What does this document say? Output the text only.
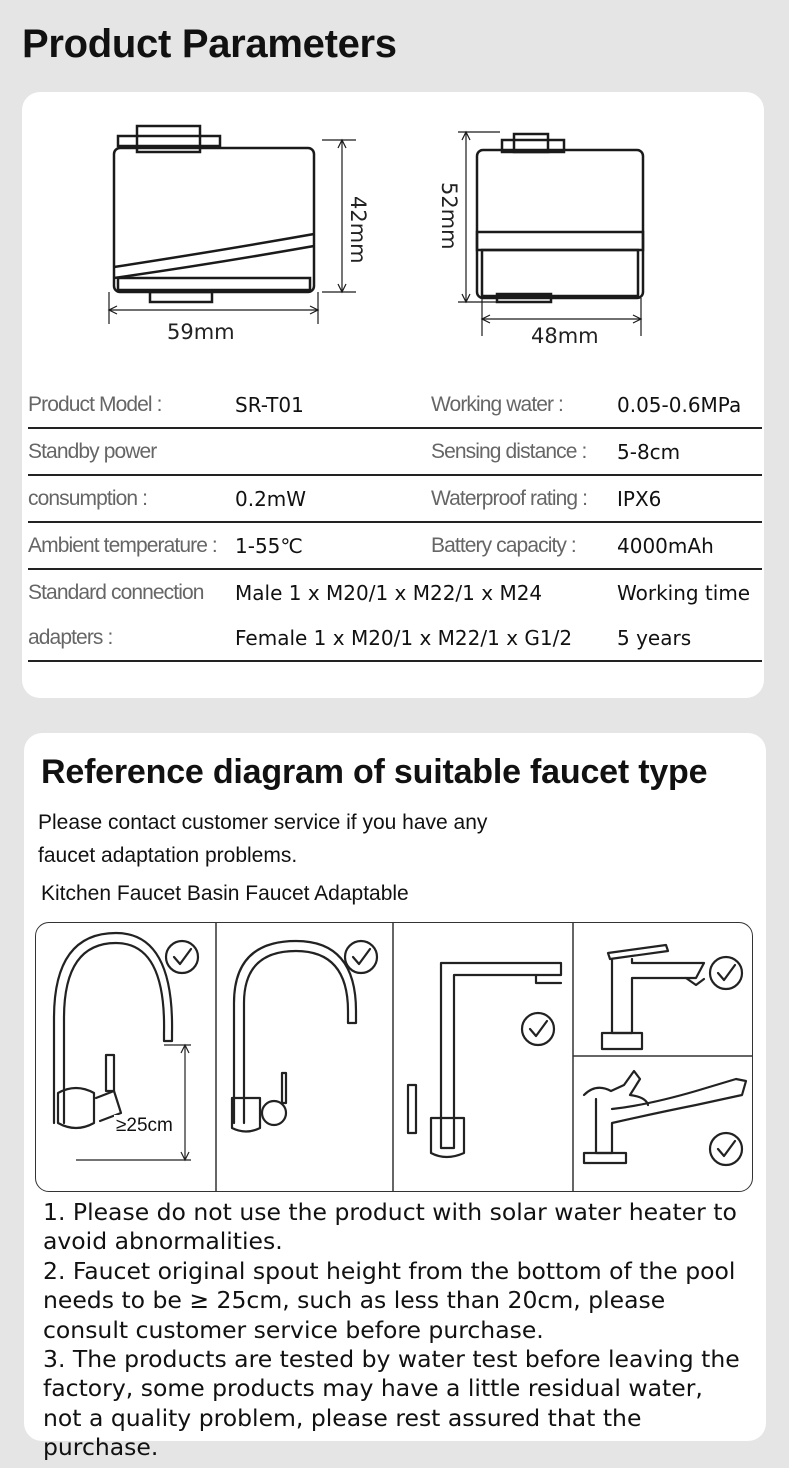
Product Parameters
42mm
59mm
52mm
48mm
Product Model :	SR-T01	Working water :	0.05-0.6MPa
Standby power		Sensing distance :	5-8cm
consumption :	0.2mW	Waterproof rating :	IPX6
Ambient temperature :	1-55℃	Battery capacity :	4000mAh
Standard connection	Male 1 x M20/1 x M22/1 x M24		Working time
adapters :	Female 1 x M20/1 x M22/1 x G1/2		5 years
Reference diagram of suitable faucet type
Please contact customer service if you have any
faucet adaptation problems.
Kitchen Faucet Basin Faucet Adaptable
≥25cm
1. Please do not use the product with solar water heater to avoid abnormalities.
2. Faucet original spout height from the bottom of the pool needs to be ≥ 25cm, such as less than 20cm, please consult customer service before purchase.
3. The products are tested by water test before leaving the factory, some products may have a little residual water, not a quality problem, please rest assured that the purchase.
